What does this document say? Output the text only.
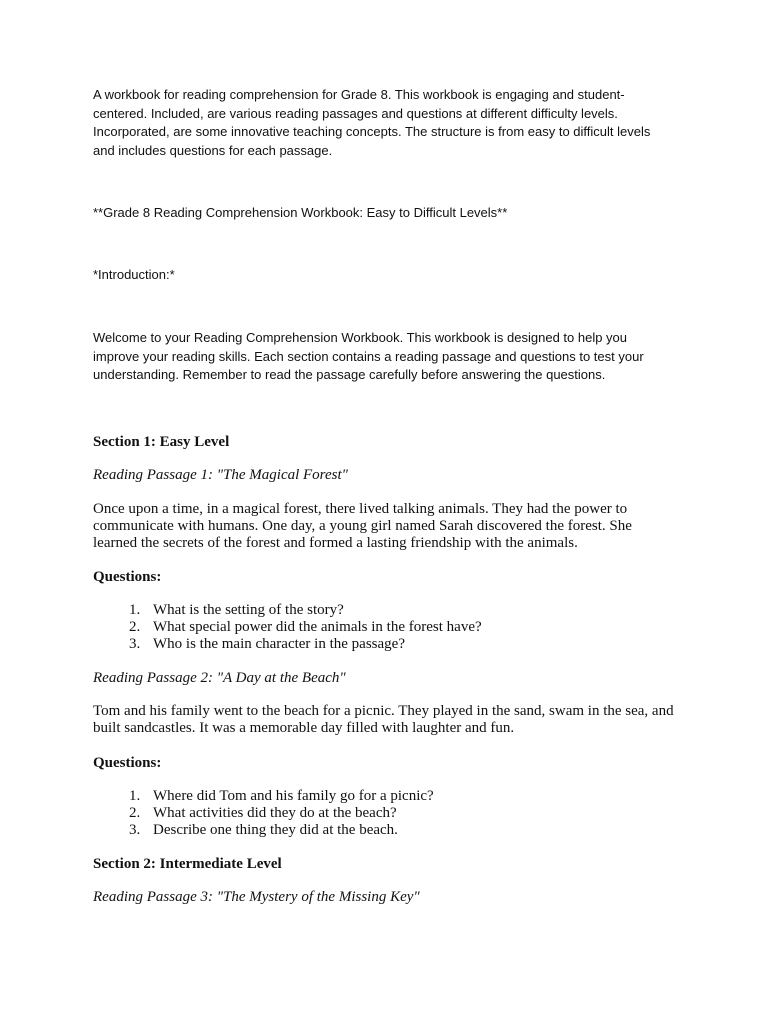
A workbook for reading comprehension for Grade 8. This workbook is engaging and student-centered. Included, are various reading passages and questions at different difficulty levels. Incorporated, are some innovative teaching concepts. The structure is from easy to difficult levels and includes questions for each passage.

**Grade 8 Reading Comprehension Workbook: Easy to Difficult Levels**

*Introduction:*

Welcome to your Reading Comprehension Workbook. This workbook is designed to help you improve your reading skills. Each section contains a reading passage and questions to test your understanding. Remember to read the passage carefully before answering the questions.

Section 1: Easy Level

Reading Passage 1: "The Magical Forest"

Once upon a time, in a magical forest, there lived talking animals. They had the power to communicate with humans. One day, a young girl named Sarah discovered the forest. She learned the secrets of the forest and formed a lasting friendship with the animals.

Questions:

1. What is the setting of the story?
2. What special power did the animals in the forest have?
3. Who is the main character in the passage?

Reading Passage 2: "A Day at the Beach"

Tom and his family went to the beach for a picnic. They played in the sand, swam in the sea, and built sandcastles. It was a memorable day filled with laughter and fun.

Questions:

1. Where did Tom and his family go for a picnic?
2. What activities did they do at the beach?
3. Describe one thing they did at the beach.

Section 2: Intermediate Level

Reading Passage 3: "The Mystery of the Missing Key"
